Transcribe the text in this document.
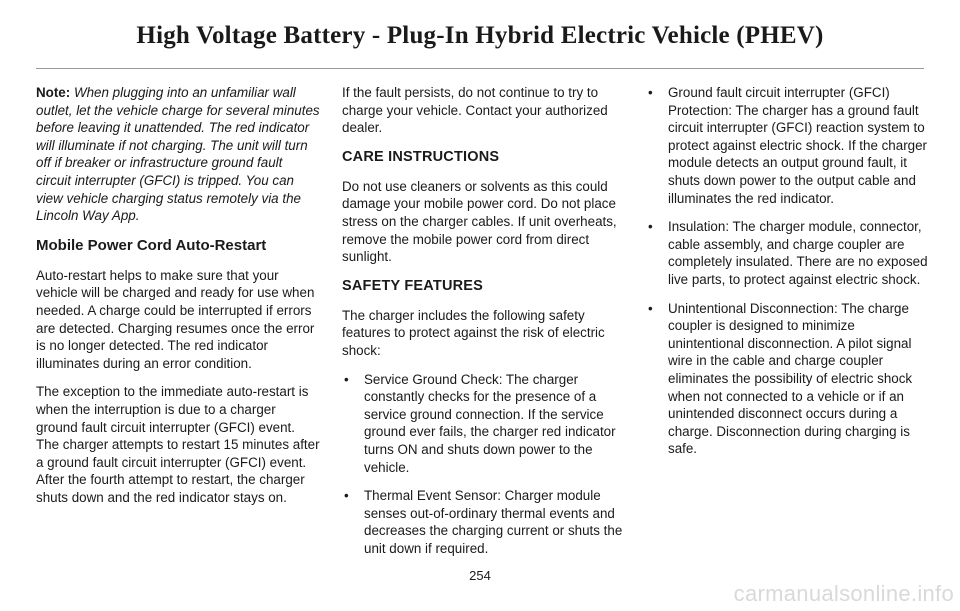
High Voltage Battery - Plug-In Hybrid Electric Vehicle (PHEV)

Note: When plugging into an unfamiliar wall outlet, let the vehicle charge for several minutes before leaving it unattended. The red indicator will illuminate if not charging. The unit will turn off if breaker or infrastructure ground fault circuit interrupter (GFCI) is tripped. You can view vehicle charging status remotely via the Lincoln Way App.

Mobile Power Cord Auto-Restart

Auto-restart helps to make sure that your vehicle will be charged and ready for use when needed. A charge could be interrupted if errors are detected. Charging resumes once the error is no longer detected. The red indicator illuminates during an error condition.

The exception to the immediate auto-restart is when the interruption is due to a charger ground fault circuit interrupter (GFCI) event. The charger attempts to restart 15 minutes after a ground fault circuit interrupter (GFCI) event. After the fourth attempt to restart, the charger shuts down and the red indicator stays on.

If the fault persists, do not continue to try to charge your vehicle. Contact your authorized dealer.

CARE INSTRUCTIONS

Do not use cleaners or solvents as this could damage your mobile power cord. Do not place stress on the charger cables. If unit overheats, remove the mobile power cord from direct sunlight.

SAFETY FEATURES

The charger includes the following safety features to protect against the risk of electric shock:

• Service Ground Check: The charger constantly checks for the presence of a service ground connection. If the service ground ever fails, the charger red indicator turns ON and shuts down power to the vehicle.
• Thermal Event Sensor: Charger module senses out-of-ordinary thermal events and decreases the charging current or shuts the unit down if required.
• Ground fault circuit interrupter (GFCI) Protection: The charger has a ground fault circuit interrupter (GFCI) reaction system to protect against electric shock. If the charger module detects an output ground fault, it shuts down power to the output cable and illuminates the red indicator.
• Insulation: The charger module, connector, cable assembly, and charge coupler are completely insulated. There are no exposed live parts, to protect against electric shock.
• Unintentional Disconnection: The charge coupler is designed to minimize unintentional disconnection. A pilot signal wire in the cable and charge coupler eliminates the possibility of electric shock when not connected to a vehicle or if an unintended disconnect occurs during a charge. Disconnection during charging is safe.
254
carmanualsonline.info
